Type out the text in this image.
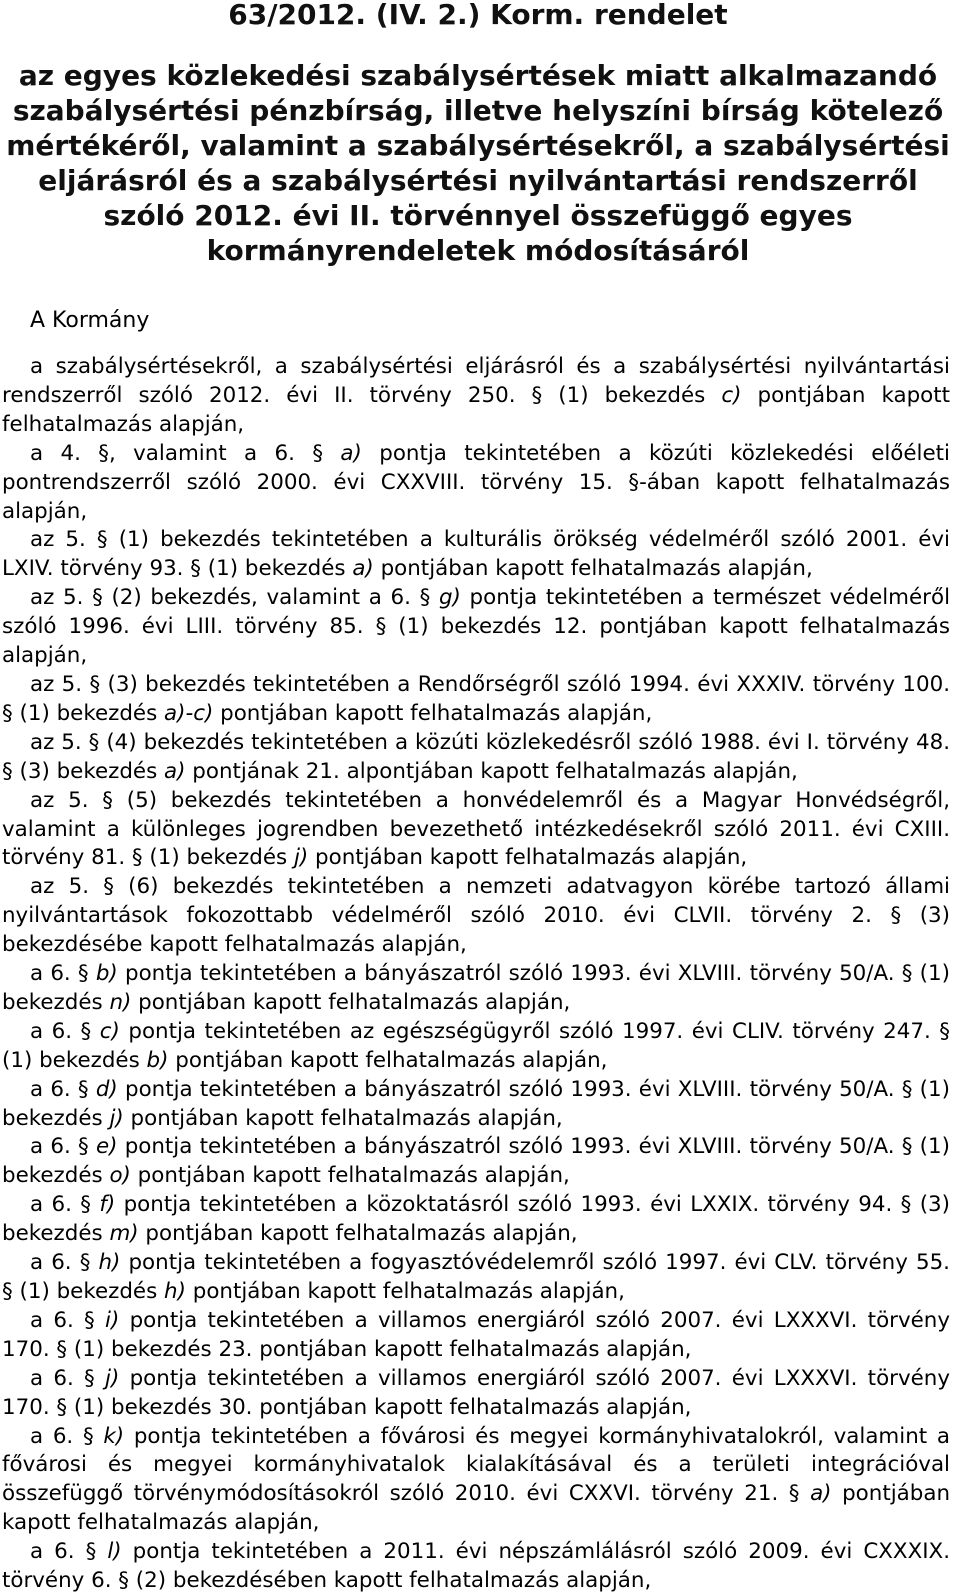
63/2012. (IV. 2.) Korm. rendelet
az egyes közlekedési szabálysértések miatt alkalmazandó szabálysértési pénzbírság, illetve helyszíni bírság kötelező mértékéről, valamint a szabálysértésekről, a szabálysértési eljárásról és a szabálysértési nyilvántartási rendszerről szóló 2012. évi II. törvénnyel összefüggő egyes kormányrendeletek módosításáról
A Kormány

a szabálysértésekről, a szabálysértési eljárásról és a szabálysértési nyilvántartási rendszerről szóló 2012. évi II. törvény 250. § (1) bekezdés c) pontjában kapott felhatalmazás alapján,

a 4. §, valamint a 6. § a) pontja tekintetében a közúti közlekedési előéleti pontrendszerről szóló 2000. évi CXXVIII. törvény 15. §-ában kapott felhatalmazás alapján,

az 5. § (1) bekezdés tekintetében a kulturális örökség védelméről szóló 2001. évi LXIV. törvény 93. § (1) bekezdés a) pontjában kapott felhatalmazás alapján,

az 5. § (2) bekezdés, valamint a 6. § g) pontja tekintetében a természet védelméről szóló 1996. évi LIII. törvény 85. § (1) bekezdés 12. pontjában kapott felhatalmazás alapján,

az 5. § (3) bekezdés tekintetében a Rendőrségről szóló 1994. évi XXXIV. törvény 100. § (1) bekezdés a)-c) pontjában kapott felhatalmazás alapján,

az 5. § (4) bekezdés tekintetében a közúti közlekedésről szóló 1988. évi I. törvény 48. § (3) bekezdés a) pontjának 21. alpontjában kapott felhatalmazás alapján,

az 5. § (5) bekezdés tekintetében a honvédelemről és a Magyar Honvédségről, valamint a különleges jogrendben bevezethető intézkedésekről szóló 2011. évi CXIII. törvény 81. § (1) bekezdés j) pontjában kapott felhatalmazás alapján,

az 5. § (6) bekezdés tekintetében a nemzeti adatvagyon körébe tartozó állami nyilvántartások fokozottabb védelméről szóló 2010. évi CLVII. törvény 2. § (3) bekezdésébe kapott felhatalmazás alapján,

a 6. § b) pontja tekintetében a bányászatról szóló 1993. évi XLVIII. törvény 50/A. § (1) bekezdés n) pontjában kapott felhatalmazás alapján,

a 6. § c) pontja tekintetében az egészségügyről szóló 1997. évi CLIV. törvény 247. § (1) bekezdés b) pontjában kapott felhatalmazás alapján,

a 6. § d) pontja tekintetében a bányászatról szóló 1993. évi XLVIII. törvény 50/A. § (1) bekezdés j) pontjában kapott felhatalmazás alapján,

a 6. § e) pontja tekintetében a bányászatról szóló 1993. évi XLVIII. törvény 50/A. § (1) bekezdés o) pontjában kapott felhatalmazás alapján,

a 6. § f) pontja tekintetében a közoktatásról szóló 1993. évi LXXIX. törvény 94. § (3) bekezdés m) pontjában kapott felhatalmazás alapján,

a 6. § h) pontja tekintetében a fogyasztóvédelemről szóló 1997. évi CLV. törvény 55. § (1) bekezdés h) pontjában kapott felhatalmazás alapján,

a 6. § i) pontja tekintetében a villamos energiáról szóló 2007. évi LXXXVI. törvény 170. § (1) bekezdés 23. pontjában kapott felhatalmazás alapján,

a 6. § j) pontja tekintetében a villamos energiáról szóló 2007. évi LXXXVI. törvény 170. § (1) bekezdés 30. pontjában kapott felhatalmazás alapján,

a 6. § k) pontja tekintetében a fővárosi és megyei kormányhivatalokról, valamint a fővárosi és megyei kormányhivatalok kialakításával és a területi integrációval összefüggő törvénymódosításokról szóló 2010. évi CXXVI. törvény 21. § a) pontjában kapott felhatalmazás alapján,

a 6. § l) pontja tekintetében a 2011. évi népszámlálásról szóló 2009. évi CXXXIX. törvény 6. § (2) bekezdésében kapott felhatalmazás alapján,
